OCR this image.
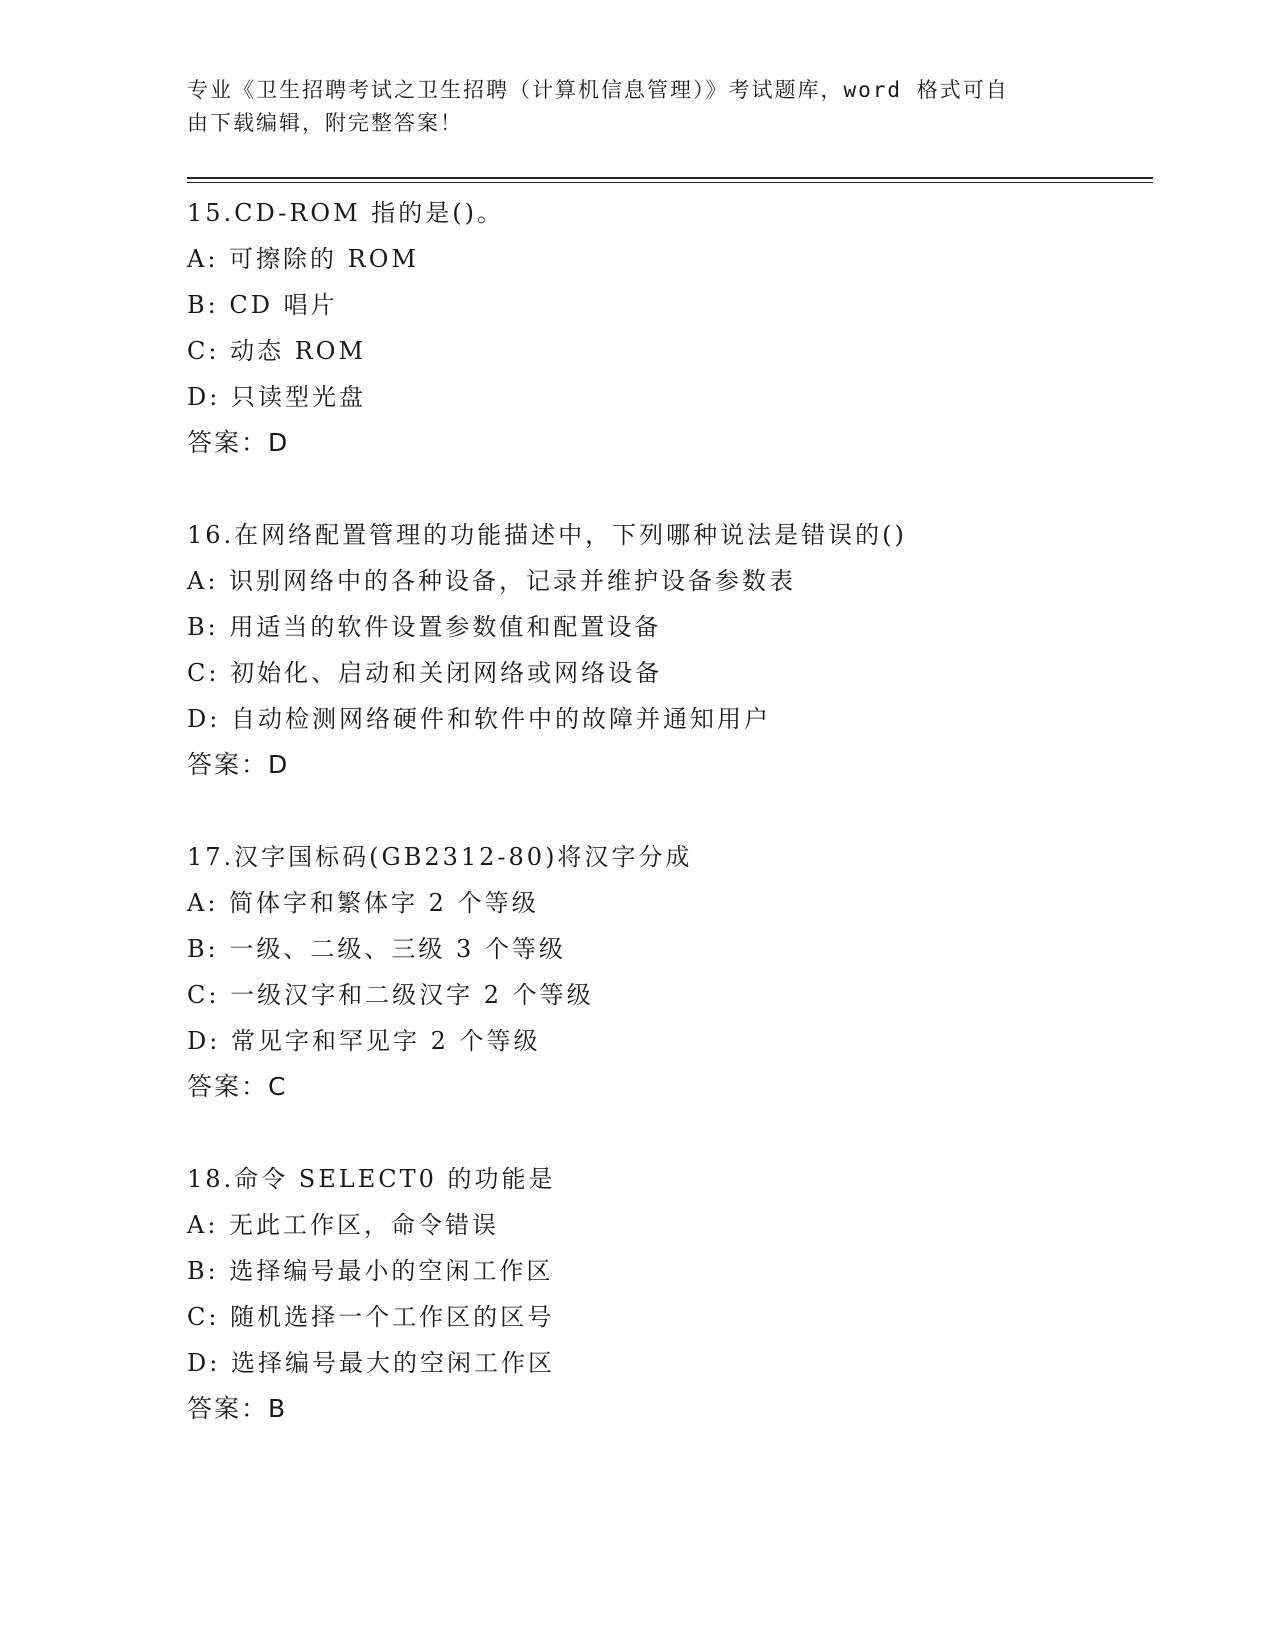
专业《卫生招聘考试之卫生招聘（计算机信息管理）》考试题库，word 格式可自

由下载编辑，附完整答案！

15.CD-ROM 指的是()。
A: 可擦除的 ROM
B: CD 唱片
C: 动态 ROM
D: 只读型光盘
答案：D
16.在网络配置管理的功能描述中，下列哪种说法是错误的()
A: 识别网络中的各种设备，记录并维护设备参数表
B: 用适当的软件设置参数值和配置设备
C: 初始化、启动和关闭网络或网络设备
D: 自动检测网络硬件和软件中的故障并通知用户
答案：D
17.汉字国标码(GB2312-80)将汉字分成
A: 简体字和繁体字 2 个等级
B: 一级、二级、三级 3 个等级
C: 一级汉字和二级汉字 2 个等级
D: 常见字和罕见字 2 个等级
答案：C
18.命令 SELECT0 的功能是
A: 无此工作区，命令错误
B: 选择编号最小的空闲工作区
C: 随机选择一个工作区的区号
D: 选择编号最大的空闲工作区
答案：B
